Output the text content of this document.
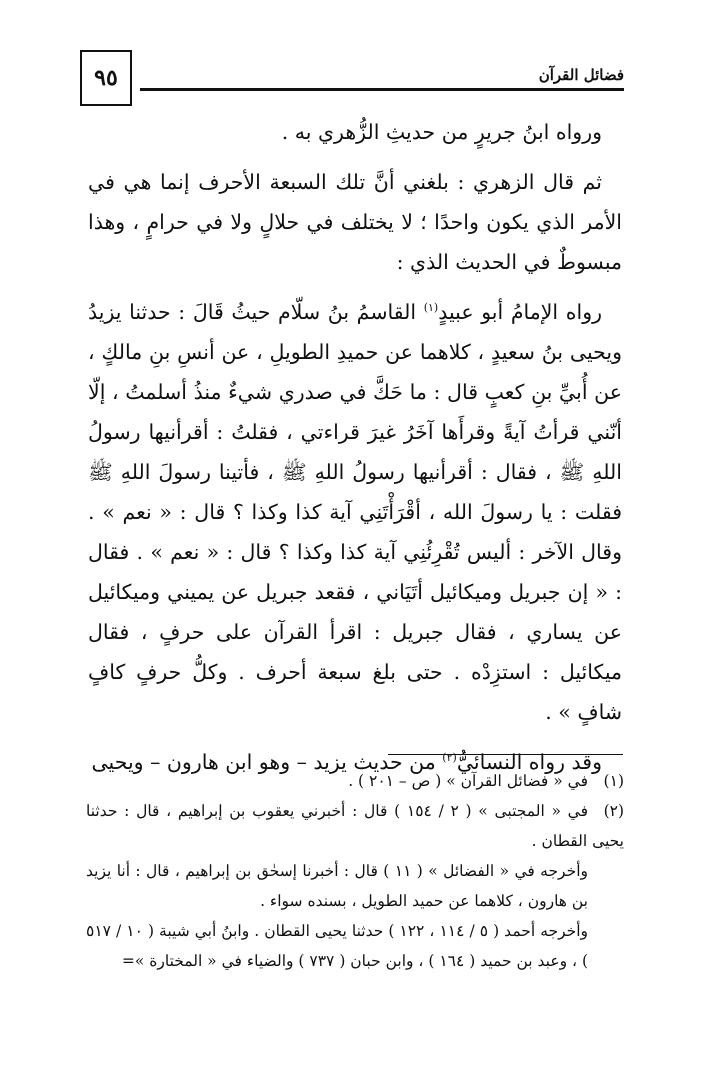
٩٥	فضائل القرآن

ورواه ابنُ جريرٍ من حديثِ الزُّهري به .

ثم قال الزهري : بلغني أنَّ تلك السبعة الأحرف إنما هي في الأمر الذي يكون واحدًا ؛ لا يختلف في حلالٍ ولا في حرامٍ ، وهذا مبسوطٌ في الحديث الذي :

رواه الإمامُ أبو عبيدٍ$^{(١)}$ القاسمُ بنُ سلّام حيثُ قَالَ : حدثنا يزيدُ ويحيى بنُ سعيدٍ ، كلاهما عن حميدِ الطويلِ ، عن أنسِ بنِ مالكٍ ، عن أُبيِّ بنِ كعبٍ قال : ما حَكَّ في صدري شيءٌ منذُ أسلمتُ ، إلّا أنّني قرأتُ آيةً وقرأَها آخَرُ غيرَ قراءتي ، فقلتُ : أقرأنيها رسولُ اللهِ ﷺ ، فقال : أقرأنيها رسولُ اللهِ ﷺ ، فأتينا رسولَ اللهِ ﷺ فقلت : يا رسولَ الله ، أقْرَأْتَنِي آية كذا وكذا ؟ قال : « نعم » . وقال الآخر : أليس تُقْرِئُنِي آية كذا وكذا ؟ قال : « نعم » . فقال : « إن جبريل وميكائيل أتَيَاني ، فقعد جبريل عن يميني وميكائيل عن يساري ، فقال جبريل : اقرأ القرآن على حرفٍ ، فقال ميكائيل : استزِدْه . حتى بلغ سبعة أحرف . وكلُّ حرفٍ كافٍ شافٍ » .

وقد رواه النسائيُّ$^{(٢)}$ من حديث يزيد – وهو ابن هارون – ويحيى

(١)في « فضائل القرآن » ( ص – ٢٠١ ) .

(٢)في « المجتبى » ( ٢ / ١٥٤ ) قال : أخبرني يعقوب بن إبراهيم ، قال : حدثنا يحيى القطان .

وأخرجه في « الفضائل » ( ١١ ) قال : أخبرنا إسحٰق بن إبراهيم ، قال : أنا يزيد بن هارون ، كلاهما عن حميد الطويل ، بسنده سواء .

وأخرجه أحمد ( ٥ / ١١٤ ، ١٢٢ ) حدثنا يحيى القطان . وابنُ أبي شيبة ( ١٠ / ٥١٧ ) ، وعبد بن حميد ( ١٦٤ ) ، وابن حبان ( ٧٣٧ ) والضياء في « المختارة »=
